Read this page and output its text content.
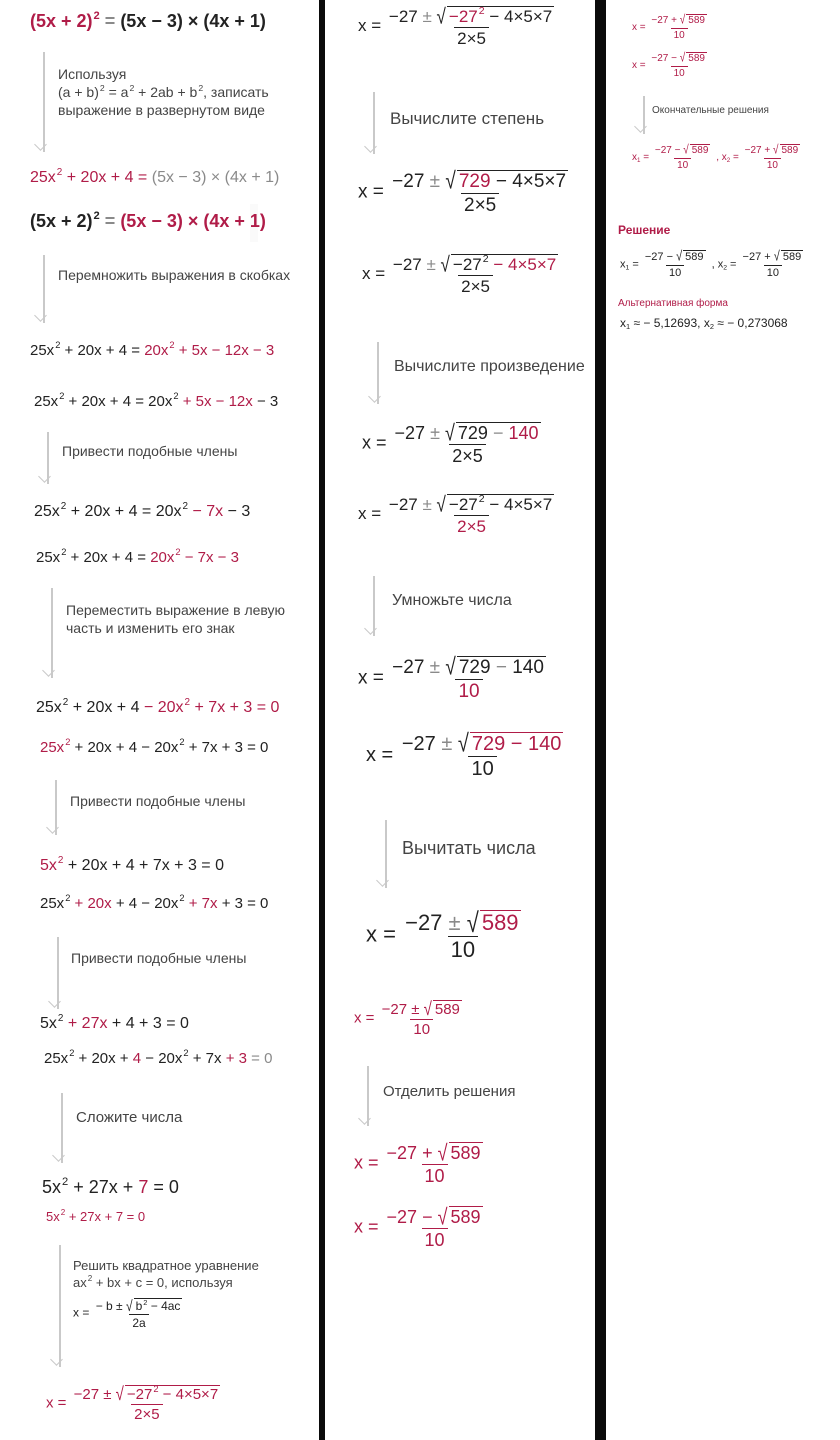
$(5x + 2)^2 = (5x - 3) \times (4x + 1)$
Используя
$(a + b)^2 = a^2 + 2ab + b^2$, записать
выражение в развернутом виде
$25x^2 + 20x + 4 = (5x - 3) \times (4x + 1)$
$(5x + 2)^2 = (5x - 3) \times (4x + 1)$
Перемножить выражения в скобках
$25x^2 + 20x + 4 = 20x^2 + 5x - 12x - 3$
$25x^2 + 20x + 4 = 20x^2 + 5x - 12x - 3$
Привести подобные члены
$25x^2 + 20x + 4 = 20x^2 - 7x - 3$
$25x^2 + 20x + 4 = 20x^2 - 7x - 3$
Переместить выражение в левую часть и изменить его знак
$25x^2 + 20x + 4 - 20x^2 + 7x + 3 = 0$
$25x^2 + 20x + 4 - 20x^2 + 7x + 3 = 0$
Привести подобные члены
$5x^2 + 20x + 4 + 7x + 3 = 0$
$25x^2 + 20x + 4 - 20x^2 + 7x + 3 = 0$
Привести подобные члены
$5x^2 + 27x + 4 + 3 = 0$
$25x^2 + 20x + 4 - 20x^2 + 7x + 3 = 0$
Сложите числа
$5x^2 + 27x + 7 = 0$
$5x^2 + 27x + 7 = 0$
Решить квадратное уравнение
$ax^2$ + bx + c = 0, используя
$x = \frac{- b \pm √ b^2 - 4ac}{2a}$
$x = \frac{-27 \pm √ -27^2 - 4\times 5\times 7}{2\times 5}$
$x = \frac{-27 \pm √ -27^2 - 4\times 5\times 7}{2\times 5}$
Вычислите степень
$x = \frac{-27 \pm √ 729 - 4\times 5\times 7}{2\times 5}$
$x = \frac{-27 \pm √ -27^2 - 4\times 5\times 7}{2\times 5}$
Вычислите произведение
$x = \frac{-27 \pm √ 729 - 140}{2\times 5}$
$x = \frac{-27 \pm √ -27^2 - 4\times 5\times 7}{2\times 5}$
Умножьте числа
$x = \frac{-27 \pm √ 729 - 140}{10}$
$x = \frac{-27 \pm √ 729 - 140}{10}$
Вычитать числа
$x = \frac{-27 \pm √ 589}{10}$
$x = \frac{-27 \pm √ 589}{10}$
Отделить решения
$x = \frac{-27 + √ 589}{10}$
$x = \frac{-27 - √ 589}{10}$
$x = \frac{-27 + √ 589}{10}$
$x = \frac{-27 - √ 589}{10}$
Окончательные решения
$x_1 = \frac{-27 - √ 589}{10}$ , $x_2 = \frac{-27 + √ 589}{10}$
Решение
$x_1 = \frac{-27 - √ 589}{10}$ , $x_2 = \frac{-27 + √ 589}{10}$
Альтернативная форма
$x_1$ ≈ − 5,12693, $x_2$ ≈ − 0,273068
